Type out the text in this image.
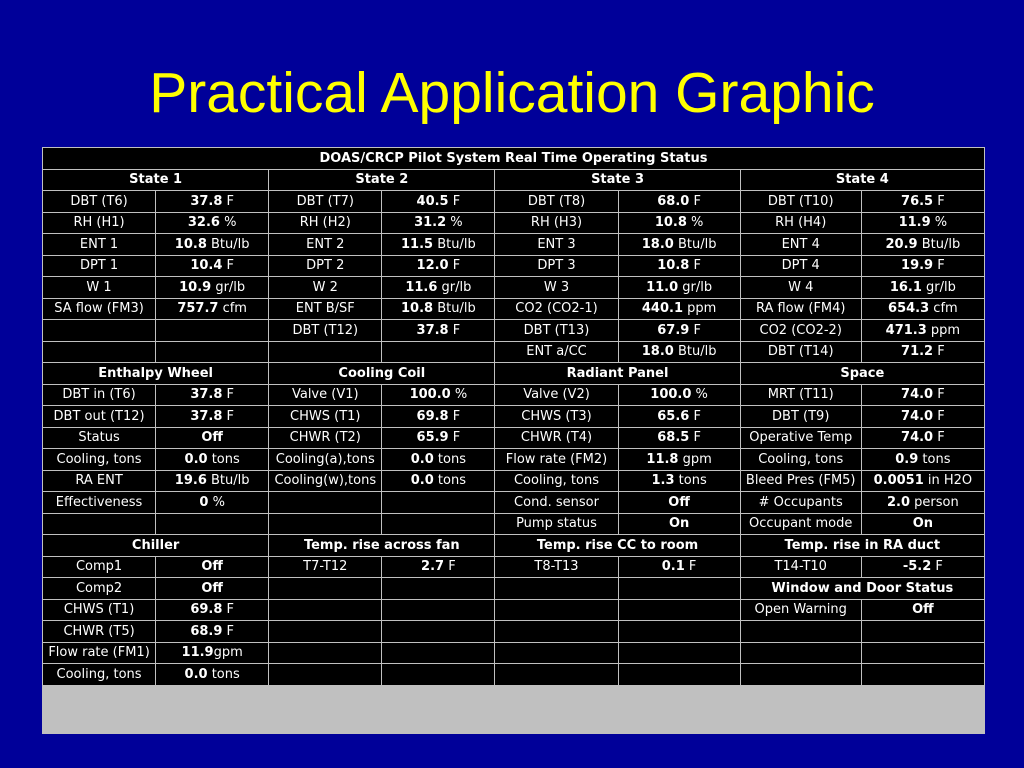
Practical Application Graphic
DOAS/CRCP Pilot System Real Time Operating Status							
State 1		State 2		State 3		State 4	
DBT (T6)	37.8 F	DBT (T7)	40.5 F	DBT (T8)	68.0 F	DBT (T10)	76.5 F
RH (H1)	32.6 %	RH (H2)	31.2 %	RH (H3)	10.8 %	RH (H4)	11.9 %
ENT 1	10.8 Btu/lb	ENT 2	11.5 Btu/lb	ENT 3	18.0 Btu/lb	ENT 4	20.9 Btu/lb
DPT 1	10.4 F	DPT 2	12.0 F	DPT 3	10.8 F	DPT 4	19.9 F
W 1	10.9 gr/lb	W 2	11.6 gr/lb	W 3	11.0 gr/lb	W 4	16.1 gr/lb
SA flow (FM3)	757.7 cfm	ENT B/SF	10.8 Btu/lb	CO2 (CO2-1)	440.1 ppm	RA flow (FM4)	654.3 cfm
		DBT (T12)	37.8 F	DBT (T13)	67.9 F	CO2 (CO2-2)	471.3 ppm
				ENT a/CC	18.0 Btu/lb	DBT (T14)	71.2 F
Enthalpy Wheel		Cooling Coil		Radiant Panel		Space	
DBT in (T6)	37.8 F	Valve (V1)	100.0 %	Valve (V2)	100.0 %	MRT (T11)	74.0 F
DBT out (T12)	37.8 F	CHWS (T1)	69.8 F	CHWS (T3)	65.6 F	DBT (T9)	74.0 F
Status	Off	CHWR (T2)	65.9 F	CHWR (T4)	68.5 F	Operative Temp	74.0 F
Cooling, tons	0.0 tons	Cooling(a),tons	0.0 tons	Flow rate (FM2)	11.8 gpm	Cooling, tons	0.9 tons
RA ENT	19.6 Btu/lb	Cooling(w),tons	0.0 tons	Cooling, tons	1.3 tons	Bleed Pres (FM5)	0.0051 in H2O
Effectiveness	0 %			Cond. sensor	Off	# Occupants	2.0 person
				Pump status	On	Occupant mode	On
Chiller		Temp. rise across fan		Temp. rise CC to room		Temp. rise in RA duct	
Comp1	Off	T7-T12	2.7 F	T8-T13	0.1 F	T14-T10	-5.2 F
Comp2	Off					Window and Door Status	
CHWS (T1)	69.8 F					Open Warning	Off
CHWR (T5)	68.9 F						
Flow rate (FM1)	11.9gpm						
Cooling, tons	0.0 tons						
